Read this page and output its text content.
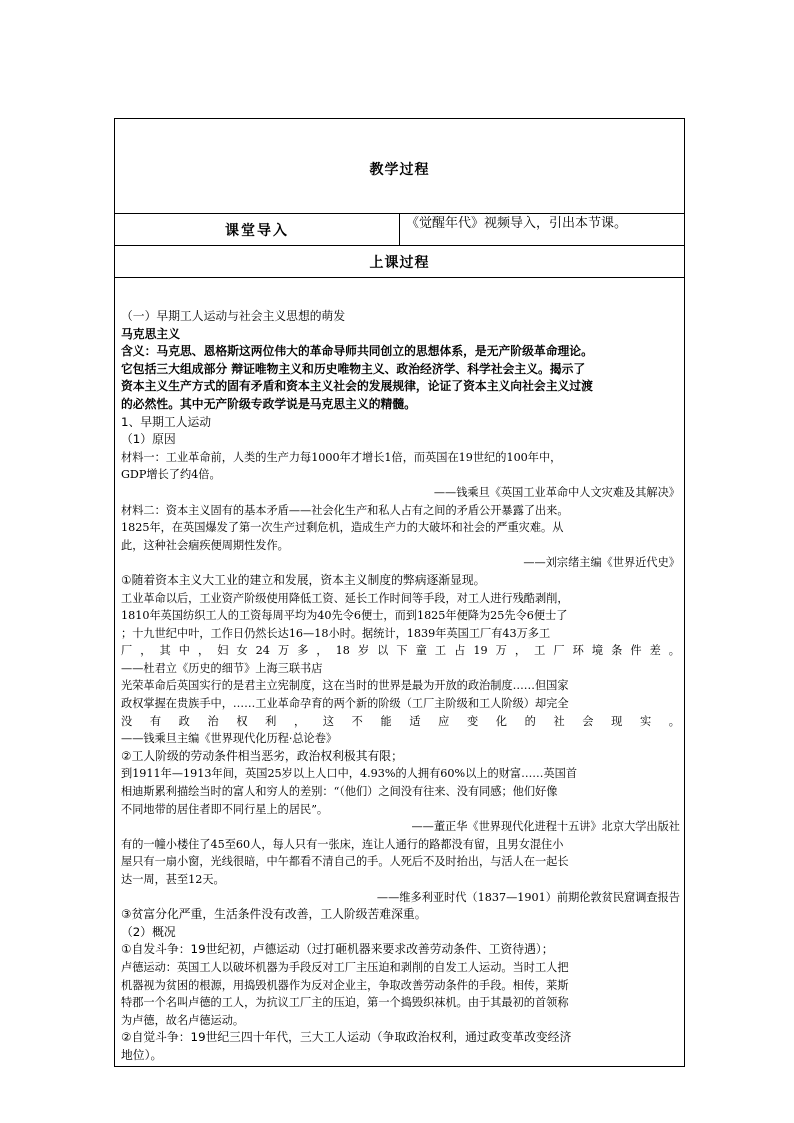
教学过程

课堂导入	《觉醒年代》视频导入，引出本节课。
上课过程

（一）早期工人运动与社会主义思想的萌发

马克思主义

含义：马克思、恩格斯这两位伟大的革命导师共同创立的思想体系，是无产阶级革命理论。

它包括三大组成部分 辩证唯物主义和历史唯物主义、政治经济学、科学社会主义。揭示了

资本主义生产方式的固有矛盾和资本主义社会的发展规律，论证了资本主义向社会主义过渡

的必然性。其中无产阶级专政学说是马克思主义的精髓。

1、早期工人运动

（1）原因

材料一：工业革命前，人类的生产力每1000年才增长1倍，而英国在19世纪的100年中，

GDP增长了约4倍。

——钱乘旦《英国工业革命中人文灾难及其解决》

材料二：资本主义固有的基本矛盾——社会化生产和私人占有之间的矛盾公开暴露了出来。

1825年，在英国爆发了第一次生产过剩危机，造成生产力的大破坏和社会的严重灾难。从

此，这种社会痼疾便周期性发作。

——刘宗绪主编《世界近代史》

①随着资本主义大工业的建立和发展，资本主义制度的弊病逐渐显现。

工业革命以后，工业资产阶级使用降低工资、延长工作时间等手段，对工人进行残酷剥削，

1810年英国纺织工人的工资每周平均为40先令6便士，而到1825年便降为25先令6便士了

；十九世纪中叶，工作日仍然长达16—18小时。据统计，1839年英国工厂有43万多工

厂，其中，妇女24万多，18岁以下童工占19万，工厂环境条件差。

——杜君立《历史的细节》上海三联书店

光荣革命后英国实行的是君主立宪制度，这在当时的世界是最为开放的政治制度……但国家

政权掌握在贵族手中，……工业革命孕育的两个新的阶级（工厂主阶级和工人阶级）却完全

没有政治权利，这不能适应变化的社会现实。

——钱乘旦主编《世界现代化历程·总论卷》

②工人阶级的劳动条件相当恶劣，政治权利极其有限；

到1911年—1913年间，英国25岁以上人口中，4.93%的人拥有60%以上的财富……英国首

相迪斯累利描绘当时的富人和穷人的差别：“（他们）之间没有往来、没有同感；他们好像

不同地带的居住者即不同行星上的居民”。

——董正华《世界现代化进程十五讲》北京大学出版社

有的一幢小楼住了45至60人，每人只有一张床，连让人通行的路都没有留，且男女混住小

屋只有一扇小窗，光线很暗，中午都看不清自己的手。人死后不及时抬出，与活人在一起长

达一周，甚至12天。

——维多利亚时代（1837—1901）前期伦敦贫民窟调查报告

③贫富分化严重，生活条件没有改善，工人阶级苦难深重。

（2）概况

①自发斗争：19世纪初，卢德运动（过打砸机器来要求改善劳动条件、工资待遇）；

卢德运动：英国工人以破坏机器为手段反对工厂主压迫和剥削的自发工人运动。当时工人把

机器视为贫困的根源，用捣毁机器作为反对企业主，争取改善劳动条件的手段。相传，莱斯

特郡一个名叫卢德的工人，为抗议工厂主的压迫，第一个捣毁织袜机。由于其最初的首领称

为卢德，故名卢德运动。

②自觉斗争：19世纪三四十年代，三大工人运动（争取政治权利，通过政变革改变经济

地位）。
